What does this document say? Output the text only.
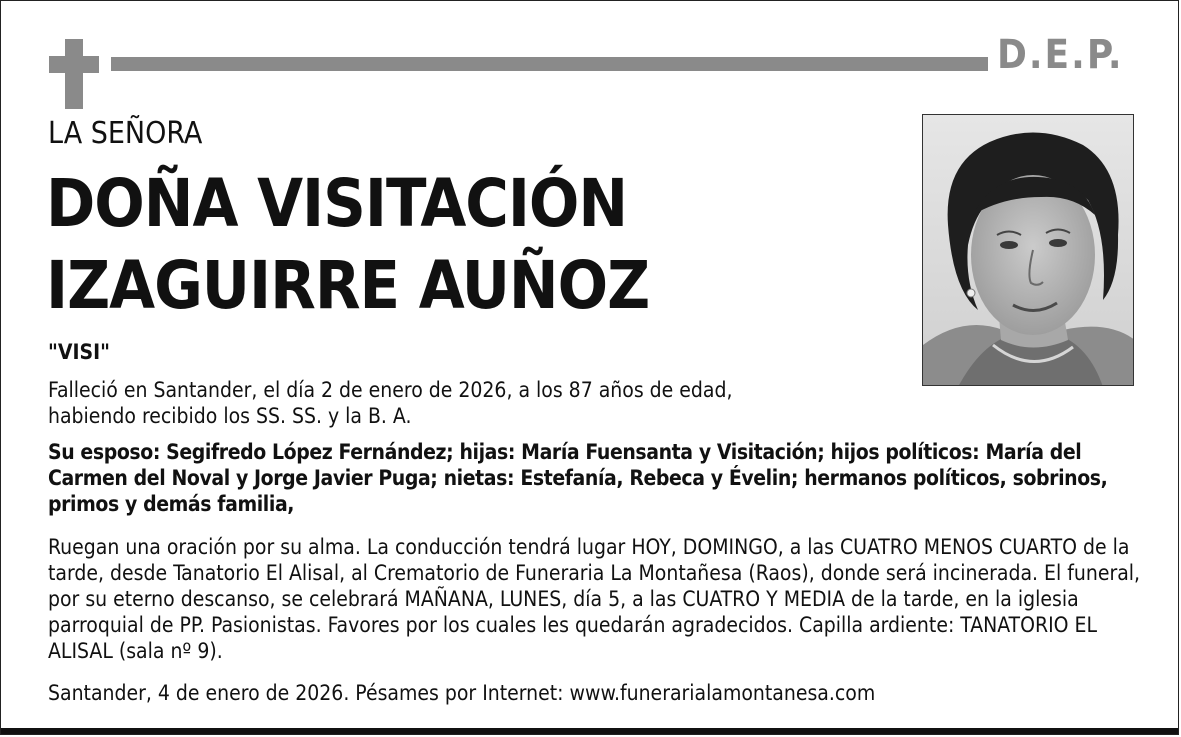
D.E.P.
LA SEÑORA
DOÑA VISITACIÓN
IZAGUIRRE AUÑOZ
"VISI"

Falleció en Santander, el día 2 de enero de 2026, a los 87 años de edad, habiendo recibido los SS. SS. y la B. A.

Su esposo: Segifredo López Fernández; hijas: María Fuensanta y Visitación; hijos políticos: María del Carmen del Noval y Jorge Javier Puga; nietas: Estefanía, Rebeca y Évelin; hermanos políticos, sobrinos, primos y demás familia,

Ruegan una oración por su alma. La conducción tendrá lugar HOY, DOMINGO, a las CUATRO MENOS CUARTO de la tarde, desde Tanatorio El Alisal, al Crematorio de Funeraria La Montañesa (Raos), donde será incinerada. El funeral, por su eterno descanso, se celebrará MAÑANA, LUNES, día 5, a las CUATRO Y MEDIA de la tarde, en la iglesia parroquial de PP. Pasionistas. Favores por los cuales les quedarán agradecidos. Capilla ardiente: TANATORIO EL ALISAL (sala nº 9).

Santander, 4 de enero de 2026. Pésames por Internet: www.funerarialamontanesa.com
